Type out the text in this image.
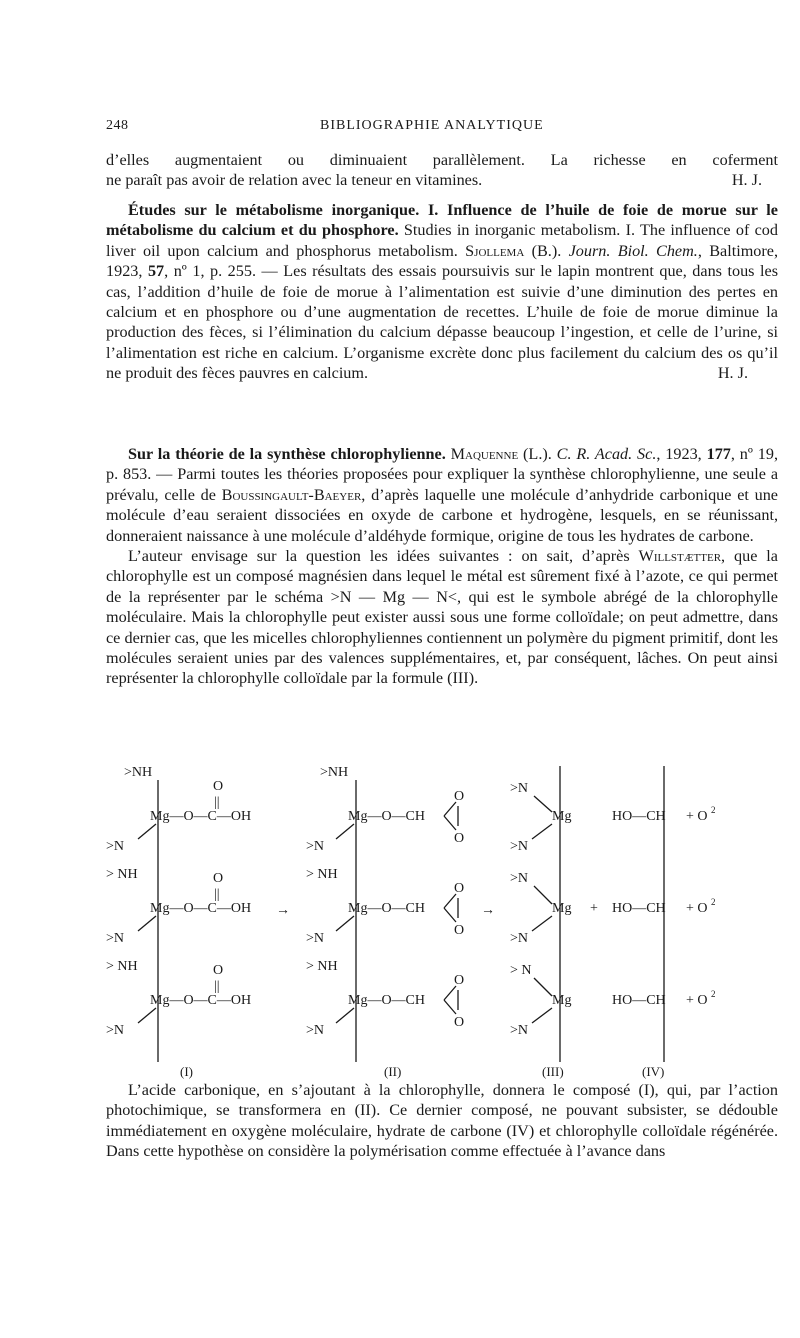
248	BIBLIOGRAPHIE ANALYTIQUE

d’elles augmentaient ou diminuaient parallèlement. La richesse en coferment

ne paraît pas avoir de relation avec la teneur en vitamines.	H. J.

Études sur le métabolisme inorganique. I. Influence de l’huile de foie de morue sur le métabolisme du calcium et du phosphore. Studies in inorganic metabolism. I. The influence of cod liver oil upon calcium and phosphorus metabolism. Sjollema (B.). Journ. Biol. Chem., Baltimore, 1923, 57, nº 1, p. 255. — Les résultats des essais poursuivis sur le lapin montrent que, dans tous les cas, l’addition d’huile de foie de morue à l’alimentation est suivie d’une diminution des pertes en calcium et en phosphore ou d’une augmentation de recettes. L’huile de foie de morue diminue la production des fèces, si l’élimination du calcium dépasse beaucoup l’ingestion, et celle de l’urine, si l’alimentation est riche en calcium. L’organisme excrète donc plus facilement du calcium des os qu’il ne produit des fèces pauvres en calcium.	H. J.

Sur la théorie de la synthèse chlorophylienne. Maquenne (L.). C. R. Acad. Sc., 1923, 177, nº 19, p. 853. — Parmi toutes les théories proposées pour expliquer la synthèse chlorophylienne, une seule a prévalu, celle de Boussingault-Baeyer, d’après laquelle une molécule d’anhydride carbonique et une molécule d’eau seraient dissociées en oxyde de carbone et hydrogène, lesquels, en se réunissant, donneraient naissance à une molécule d’aldéhyde formique, origine de tous les hydrates de carbone.

L’auteur envisage sur la question les idées suivantes : on sait, d’après Willstætter, que la chlorophylle est un composé magnésien dans lequel le métal est sûrement fixé à l’azote, ce qui permet de la représenter par le schéma >N — Mg — N<, qui est le symbole abrégé de la chlorophylle moléculaire. Mais la chlorophylle peut exister aussi sous une forme colloïdale; on peut admettre, dans ce dernier cas, que les micelles chlorophyliennes contiennent un polymère du pigment primitif, dont les molécules seraient unies par des valences supplémentaires, et, par conséquent, lâches. On peut ainsi représenter la chlorophylle colloïdale par la formule (III).

>NH
O
||
Mg—O—C—OH
>N
> NH	O
||
Mg—O—C—OH
>N
> NH	O
||
Mg—O—C—OH
>N
(I)
→
>NH
Mg—O—CH
O
O
>N
> NH
Mg—O—CH
O
O
>N
> NH
Mg—O—CH
O
O
>N
(II)
→
>N
Mg
>N
>N
Mg
>N
> N
Mg
>N
(III)
+
HO—CH + O 2
HO—CH + O 2
HO—CH + O 2
(IV)

L’acide carbonique, en s’ajoutant à la chlorophylle, donnera le composé (I), qui, par l’action photochimique, se transformera en (II). Ce dernier composé, ne pouvant subsister, se dédouble immédiatement en oxygène moléculaire, hydrate de carbone (IV) et chlorophylle colloïdale régénérée. Dans cette hypothèse on considère la polymérisation comme effectuée à l’avance dans
